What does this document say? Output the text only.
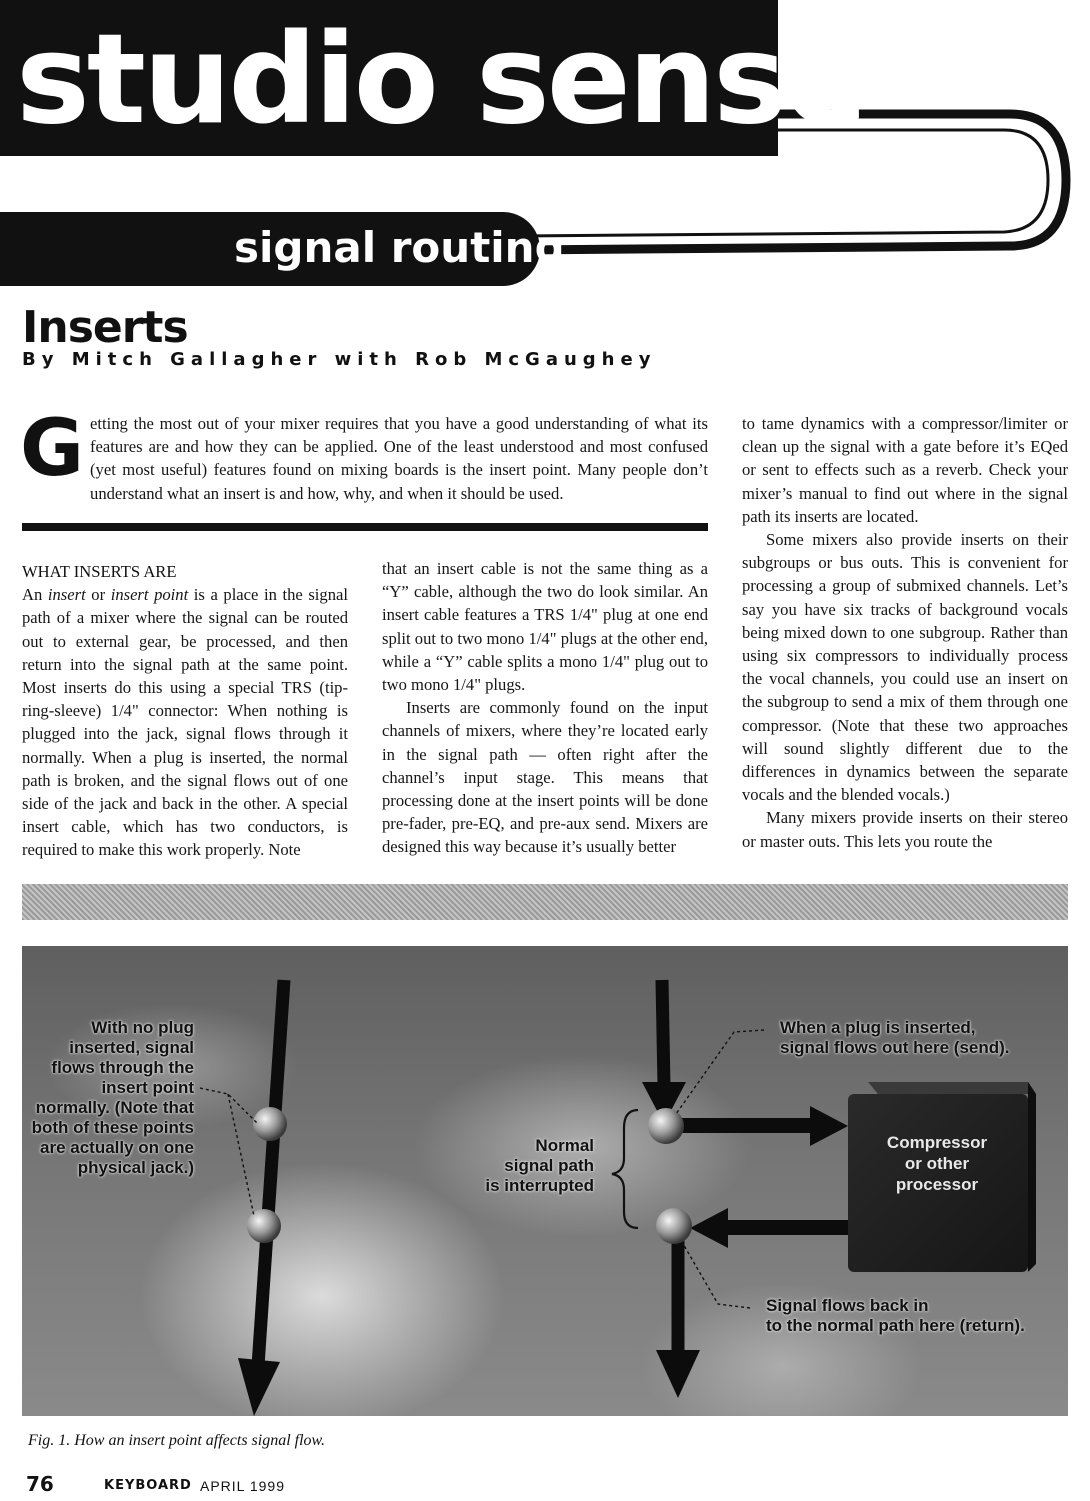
studio sense
signal routing
Inserts

By Mitch Gallagher with Rob McGaughey

G etting the most out of your mixer requires that you have a good understanding of what its features are and how they can be applied. One of the least understood and most confused (yet most useful) features found on mixing boards is the insert point. Many people don’t understand what an insert is and how, why, and when it should be used.

WHAT INSERTS ARE

An insert or insert point is a place in the signal path of a mixer where the signal can be routed out to external gear, be processed, and then return into the signal path at the same point. Most inserts do this using a special TRS (tip-ring-sleeve) 1/4" connector: When nothing is plugged into the jack, signal flows through it normally. When a plug is inserted, the normal path is broken, and the signal flows out of one side of the jack and back in the other. A special insert cable, which has two conductors, is required to make this work properly. Note

that an insert cable is not the same thing as a “Y” cable, although the two do look similar. An insert cable features a TRS 1/4" plug at one end split out to two mono 1/4" plugs at the other end, while a “Y” cable splits a mono 1/4" plug out to two mono 1/4" plugs.

Inserts are commonly found on the input channels of mixers, where they’re located early in the signal path — often right after the channel’s input stage. This means that processing done at the insert points will be done pre-fader, pre-EQ, and pre-aux send. Mixers are designed this way because it’s usually better

to tame dynamics with a compressor/limiter or clean up the signal with a gate before it’s EQed or sent to effects such as a reverb. Check your mixer’s manual to find out where in the signal path its inserts are located.

Some mixers also provide inserts on their subgroups or bus outs. This is convenient for processing a group of submixed channels. Let’s say you have six tracks of background vocals being mixed down to one subgroup. Rather than using six compressors to individually process the vocal channels, you could use an insert on the subgroup to send a mix of them through one compressor. (Note that these two approaches will sound slightly different due to the differences in dynamics between the separate vocals and the blended vocals.)

Many mixers provide inserts on their stereo or master outs. This lets you route the

With no plug
inserted, signal
flows through the
insert point
normally. (Note that
both of these points
are actually on one
physical jack.)

Normal
signal path
is interrupted

When a plug is inserted,
signal flows out here (send).

Signal flows back in
to the normal path here (return).

Compressor
or other
processor

Fig. 1. How an insert point affects signal flow.

76	KEYBOARD APRIL 1999
